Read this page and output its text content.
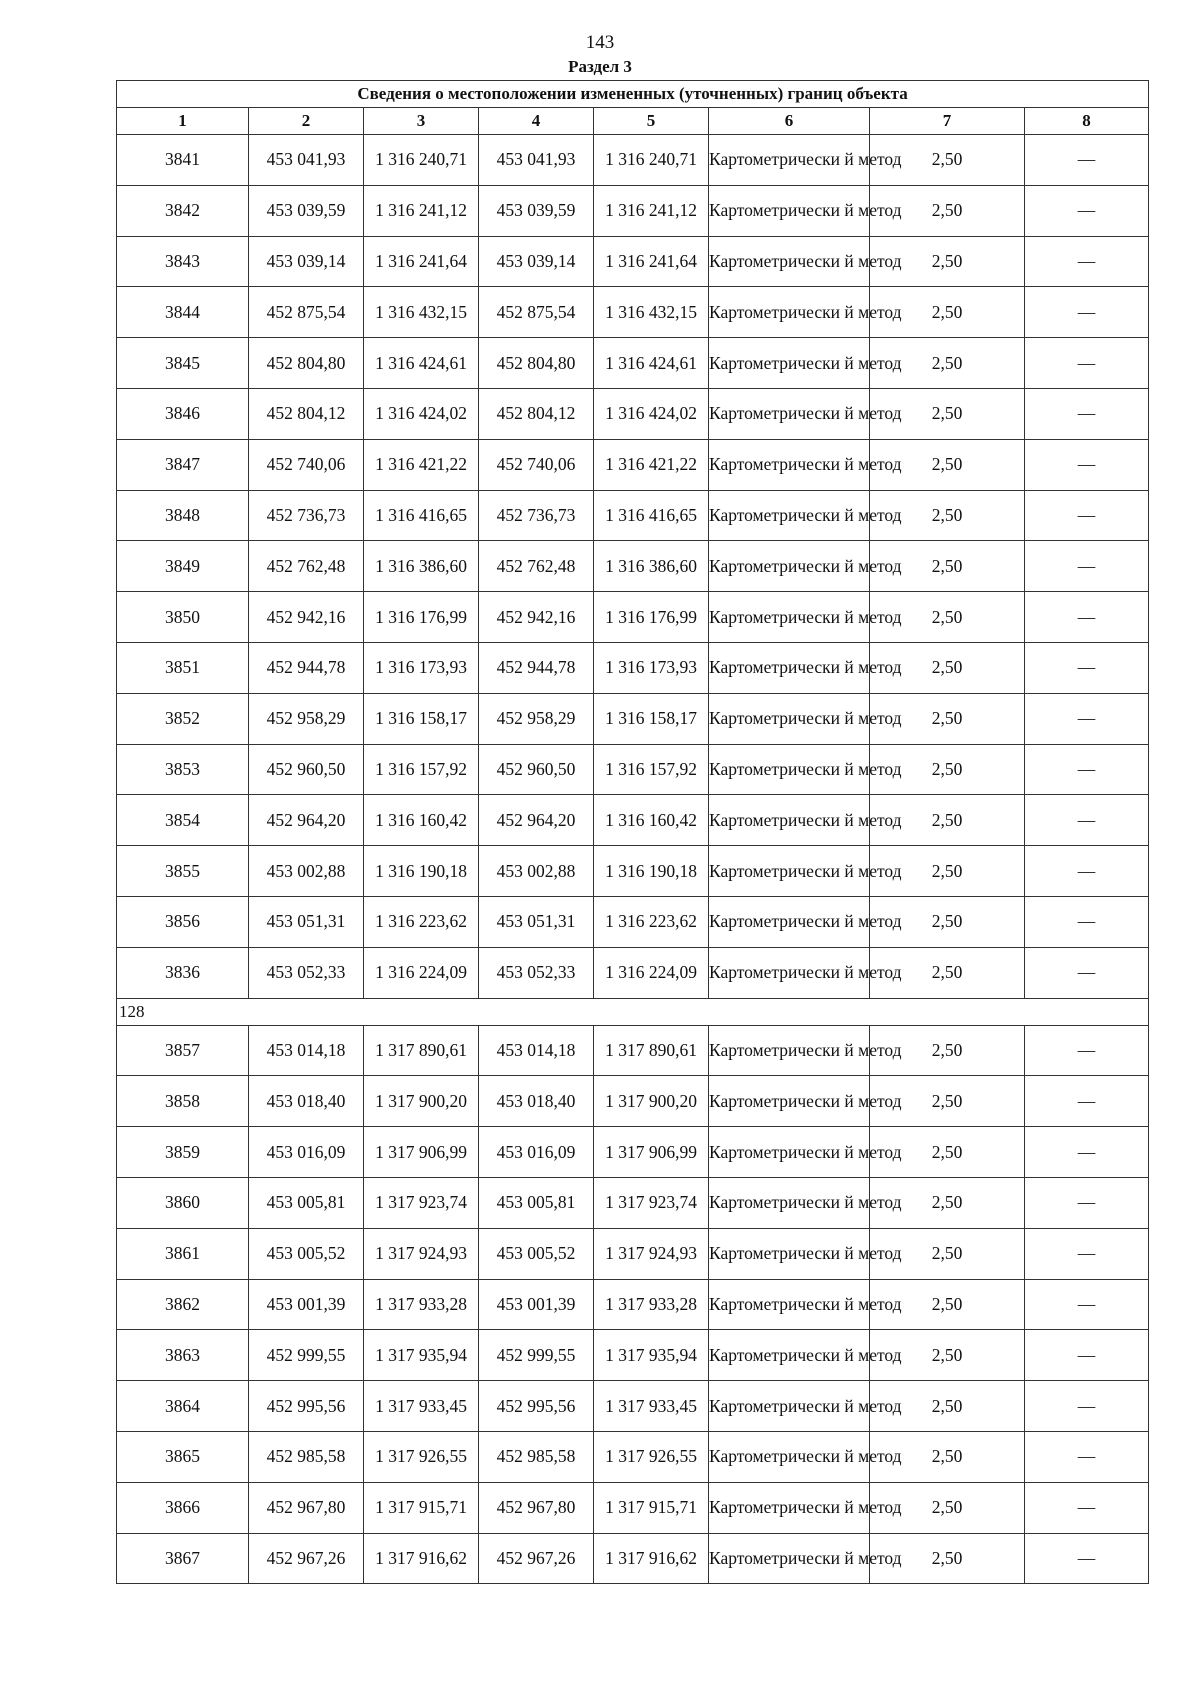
143
Раздел 3
Сведения о местоположении измененных (уточненных) границ объекта							
1	2	3	4	5	6	7	8
3841	453 041,93	1 316 240,71	453 041,93	1 316 240,71	Картометрически й метод	2,50	—
3842	453 039,59	1 316 241,12	453 039,59	1 316 241,12	Картометрически й метод	2,50	—
3843	453 039,14	1 316 241,64	453 039,14	1 316 241,64	Картометрически й метод	2,50	—
3844	452 875,54	1 316 432,15	452 875,54	1 316 432,15	Картометрически й метод	2,50	—
3845	452 804,80	1 316 424,61	452 804,80	1 316 424,61	Картометрически й метод	2,50	—
3846	452 804,12	1 316 424,02	452 804,12	1 316 424,02	Картометрически й метод	2,50	—
3847	452 740,06	1 316 421,22	452 740,06	1 316 421,22	Картометрически й метод	2,50	—
3848	452 736,73	1 316 416,65	452 736,73	1 316 416,65	Картометрически й метод	2,50	—
3849	452 762,48	1 316 386,60	452 762,48	1 316 386,60	Картометрически й метод	2,50	—
3850	452 942,16	1 316 176,99	452 942,16	1 316 176,99	Картометрически й метод	2,50	—
3851	452 944,78	1 316 173,93	452 944,78	1 316 173,93	Картометрически й метод	2,50	—
3852	452 958,29	1 316 158,17	452 958,29	1 316 158,17	Картометрически й метод	2,50	—
3853	452 960,50	1 316 157,92	452 960,50	1 316 157,92	Картометрически й метод	2,50	—
3854	452 964,20	1 316 160,42	452 964,20	1 316 160,42	Картометрически й метод	2,50	—
3855	453 002,88	1 316 190,18	453 002,88	1 316 190,18	Картометрически й метод	2,50	—
3856	453 051,31	1 316 223,62	453 051,31	1 316 223,62	Картометрически й метод	2,50	—
3836	453 052,33	1 316 224,09	453 052,33	1 316 224,09	Картометрически й метод	2,50	—
128							
3857	453 014,18	1 317 890,61	453 014,18	1 317 890,61	Картометрически й метод	2,50	—
3858	453 018,40	1 317 900,20	453 018,40	1 317 900,20	Картометрически й метод	2,50	—
3859	453 016,09	1 317 906,99	453 016,09	1 317 906,99	Картометрически й метод	2,50	—
3860	453 005,81	1 317 923,74	453 005,81	1 317 923,74	Картометрически й метод	2,50	—
3861	453 005,52	1 317 924,93	453 005,52	1 317 924,93	Картометрически й метод	2,50	—
3862	453 001,39	1 317 933,28	453 001,39	1 317 933,28	Картометрически й метод	2,50	—
3863	452 999,55	1 317 935,94	452 999,55	1 317 935,94	Картометрически й метод	2,50	—
3864	452 995,56	1 317 933,45	452 995,56	1 317 933,45	Картометрически й метод	2,50	—
3865	452 985,58	1 317 926,55	452 985,58	1 317 926,55	Картометрически й метод	2,50	—
3866	452 967,80	1 317 915,71	452 967,80	1 317 915,71	Картометрически й метод	2,50	—
3867	452 967,26	1 317 916,62	452 967,26	1 317 916,62	Картометрически й метод	2,50	—
